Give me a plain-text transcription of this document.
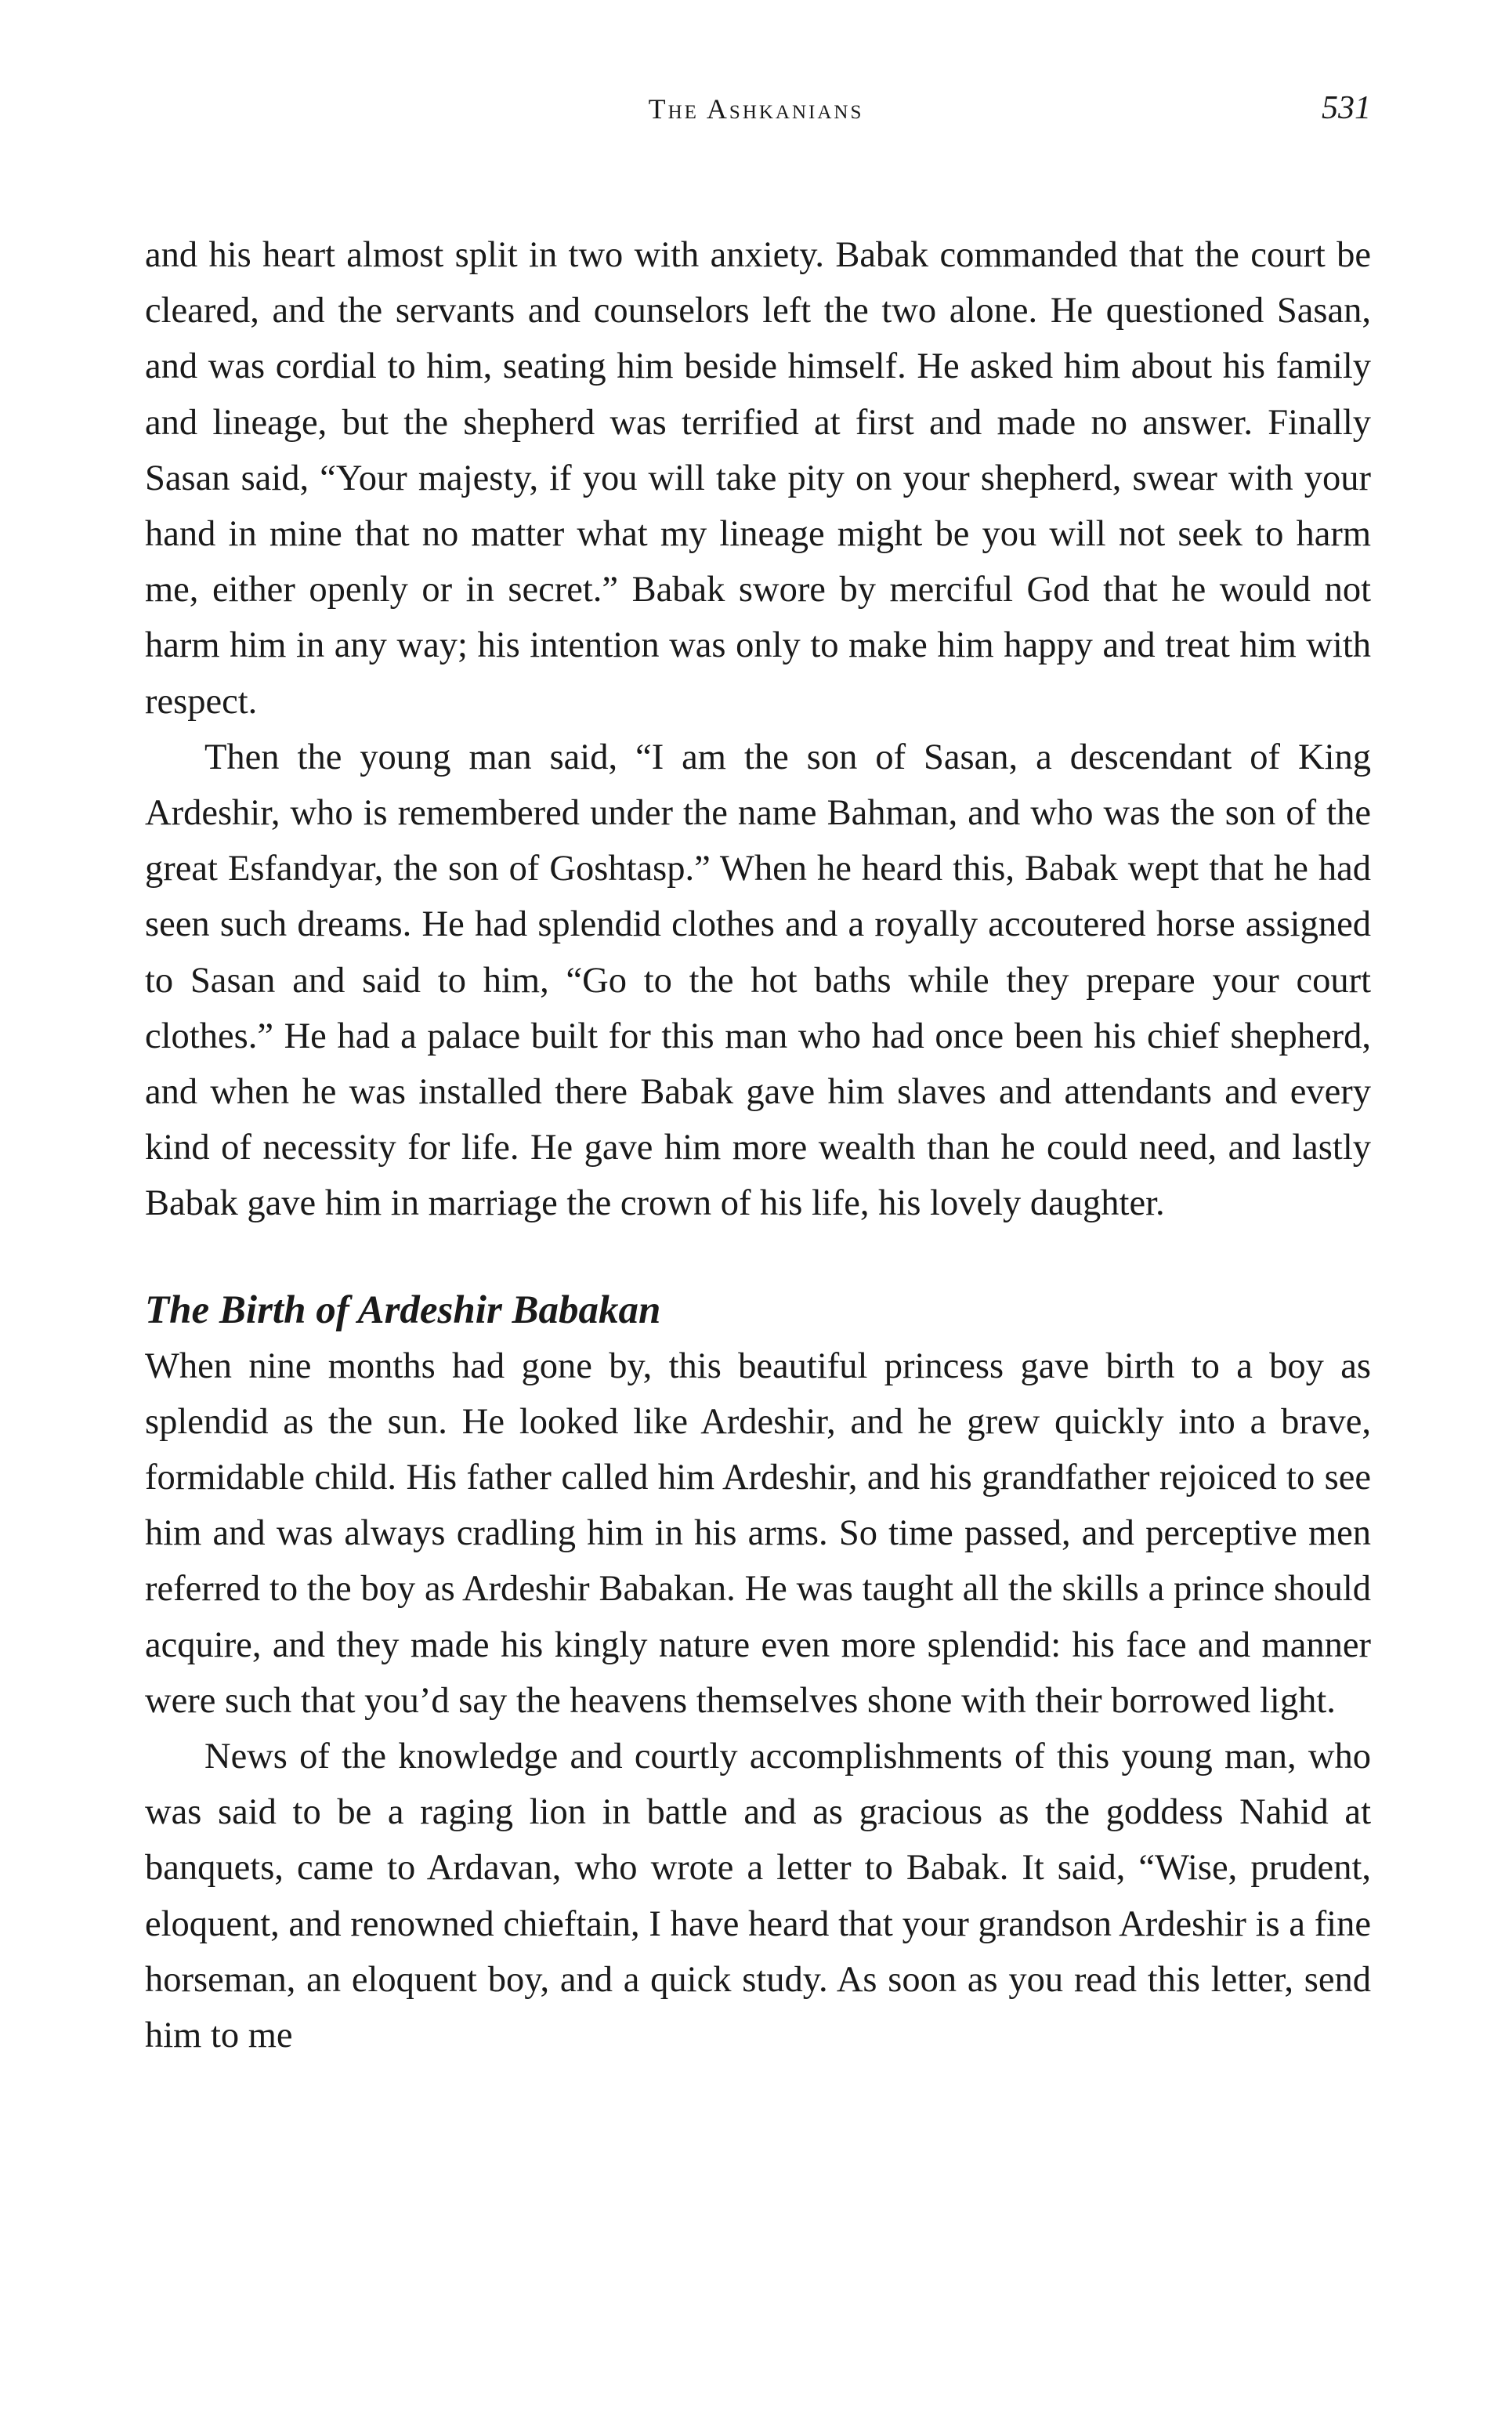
The Ashkanians	531

and his heart almost split in two with anxiety. Babak commanded that the court be cleared, and the servants and counselors left the two alone. He questioned Sasan, and was cordial to him, seating him beside himself. He asked him about his family and lineage, but the shepherd was terrified at first and made no answer. Finally Sasan said, “Your majesty, if you will take pity on your shepherd, swear with your hand in mine that no matter what my lineage might be you will not seek to harm me, either openly or in secret.” Babak swore by merciful God that he would not harm him in any way; his intention was only to make him happy and treat him with respect.

Then the young man said, “I am the son of Sasan, a descendant of King Ardeshir, who is remembered under the name Bahman, and who was the son of the great Esfandyar, the son of Goshtasp.” When he heard this, Babak wept that he had seen such dreams. He had splendid clothes and a royally accoutered horse assigned to Sasan and said to him, “Go to the hot baths while they prepare your court clothes.” He had a palace built for this man who had once been his chief shepherd, and when he was installed there Babak gave him slaves and attendants and every kind of necessity for life. He gave him more wealth than he could need, and lastly Babak gave him in marriage the crown of his life, his lovely daughter.

The Birth of Ardeshir Babakan

When nine months had gone by, this beautiful princess gave birth to a boy as splendid as the sun. He looked like Ardeshir, and he grew quickly into a brave, formidable child. His father called him Ardeshir, and his grandfather rejoiced to see him and was always cradling him in his arms. So time passed, and perceptive men referred to the boy as Ardeshir Babakan. He was taught all the skills a prince should acquire, and they made his kingly nature even more splendid: his face and manner were such that you’d say the heavens themselves shone with their borrowed light.

News of the knowledge and courtly accomplishments of this young man, who was said to be a raging lion in battle and as gracious as the goddess Nahid at banquets, came to Ardavan, who wrote a letter to Babak. It said, “Wise, prudent, eloquent, and renowned chieftain, I have heard that your grandson Ardeshir is a fine horseman, an eloquent boy, and a quick study. As soon as you read this letter, send him to me
